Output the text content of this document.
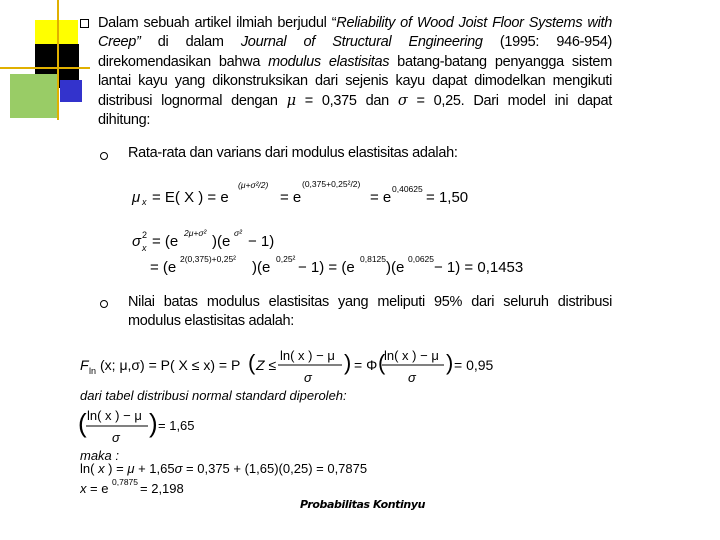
Dalam sebuah artikel ilmiah berjudul “Reliability of Wood Joist Floor Systems with
Creep” di dalam Journal of Structural Engineering (1995: 946-954)
direkomendasikan bahwa modulus elastisitas batang-batang penyangga sistem
lantai kayu yang dikonstruksikan dari sejenis kayu dapat dimodelkan mengikuti
distribusi lognormal dengan μ = 0,375 dan σ = 0,25. Dari model ini dapat
dihitung:
Rata-rata dan varians dari modulus elastisitas adalah:
μ x = E( X ) = e
(μ+σ²/2)
= e
(0,375+0,25²/2)
= e 0,40625 = 1,50
σ 2
x = (e 2μ+σ² )(e σ² − 1)
= (e 2(0,375)+0,25² )(e 0,25² − 1) = (e 0,8125 )(e 0,0625 − 1) = 0,1453
Nilai batas modulus elastisitas yang meliputi 95% dari seluruh distribusi
modulus elastisitas adalah:
F ln (x; μ,σ) = P( X ≤ x) = P ( Z ≤
ln( x ) − μ
σ
) = Φ (
ln( x ) − μ
σ
) = 0,95
dari tabel distribusi normal standard diperoleh:
( ln( x ) − μ
σ ) = 1,65
maka :
ln( x ) = μ + 1,65σ = 0,375 + (1,65)(0,25) = 0,7875
x = e 0,7875 = 2,198
Probabilitas Kontinyu
